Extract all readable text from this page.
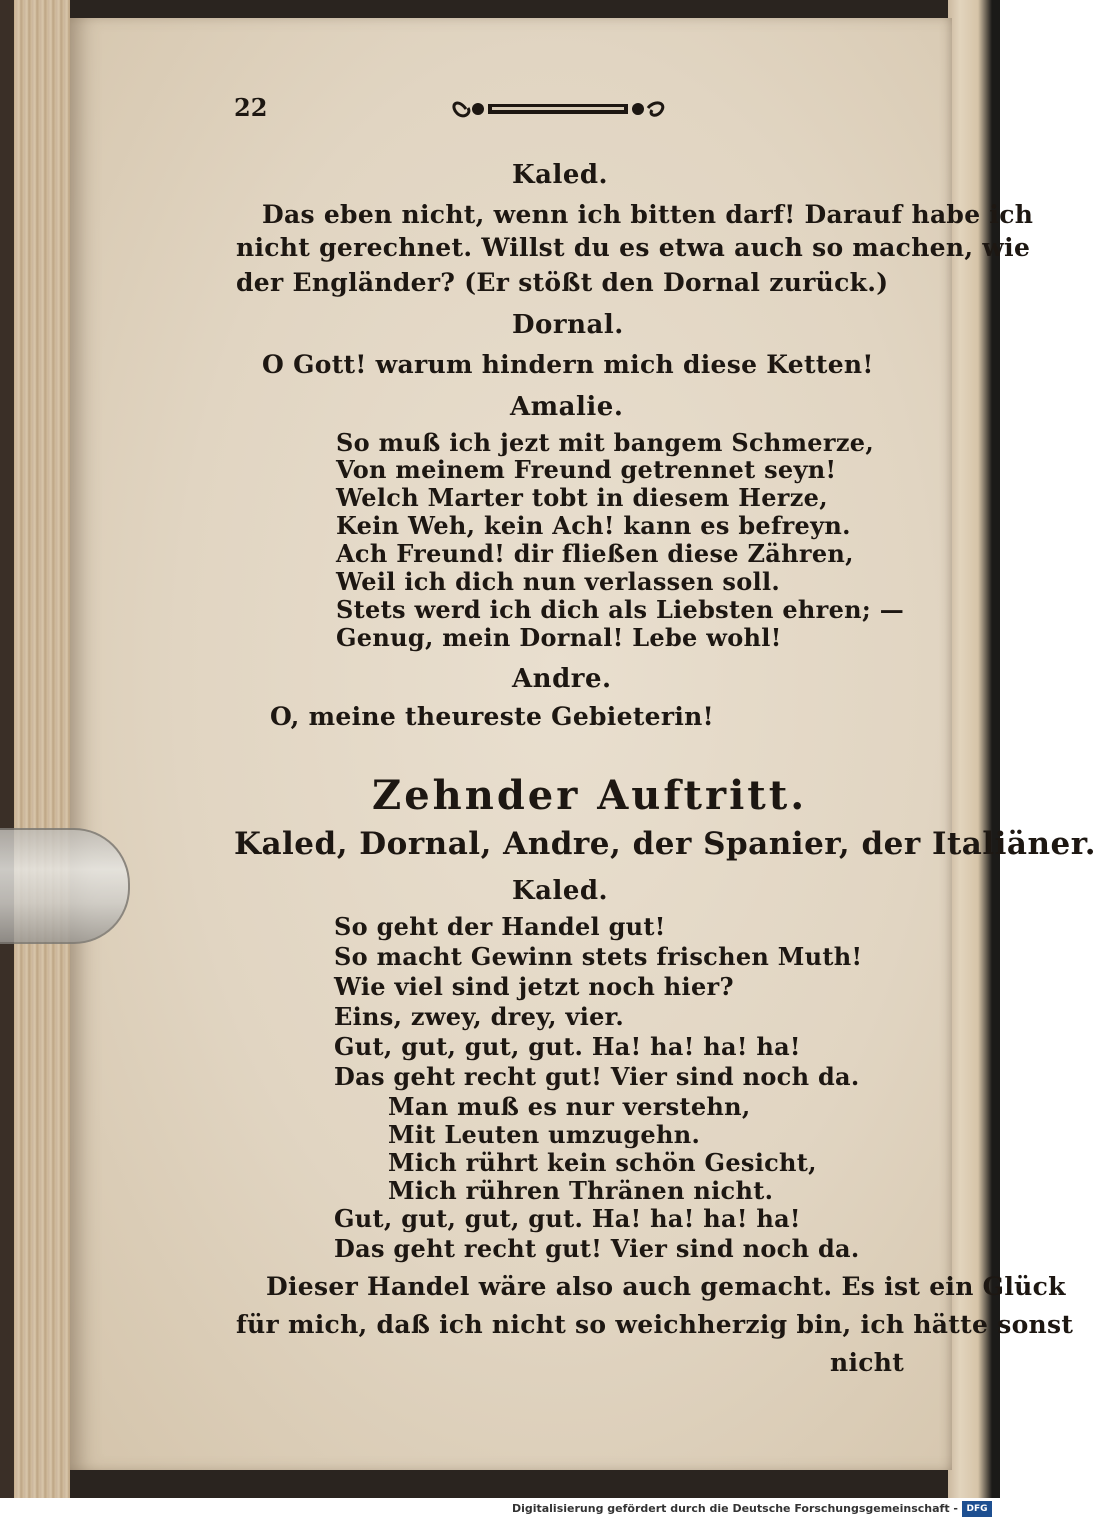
22
Kaled.
Das eben nicht, wenn ich bitten darf! Darauf habe ich
nicht gerechnet. Willst du es etwa auch so machen, wie
der Engländer? (Er stößt den Dornal zurück.)
Dornal.
O Gott! warum hindern mich diese Ketten!
Amalie.
So muß ich jezt mit bangem Schmerze,
Von meinem Freund getrennet seyn!
Welch Marter tobt in diesem Herze,
Kein Weh, kein Ach! kann es befreyn.
Ach Freund! dir fließen diese Zähren,
Weil ich dich nun verlassen soll.
Stets werd ich dich als Liebsten ehren; —
Genug, mein Dornal! Lebe wohl!
Andre.
O, meine theureste Gebieterin!
Zehnder Auftritt.
Kaled, Dornal, Andre, der Spanier, der Italiäner.
Kaled.
So geht der Handel gut!
So macht Gewinn stets frischen Muth!
Wie viel sind jetzt noch hier?
Eins, zwey, drey, vier.
Gut, gut, gut, gut. Ha! ha! ha! ha!
Das geht recht gut! Vier sind noch da.
Man muß es nur verstehn,
Mit Leuten umzugehn.
Mich rührt kein schön Gesicht,
Mich rühren Thränen nicht.
Gut, gut, gut, gut. Ha! ha! ha! ha!
Das geht recht gut! Vier sind noch da.
Dieser Handel wäre also auch gemacht. Es ist ein Glück
für mich, daß ich nicht so weichherzig bin, ich hätte sonst
nicht
Digitalisierung gefördert durch die Deutsche Forschungsgemeinschaft - DFG
